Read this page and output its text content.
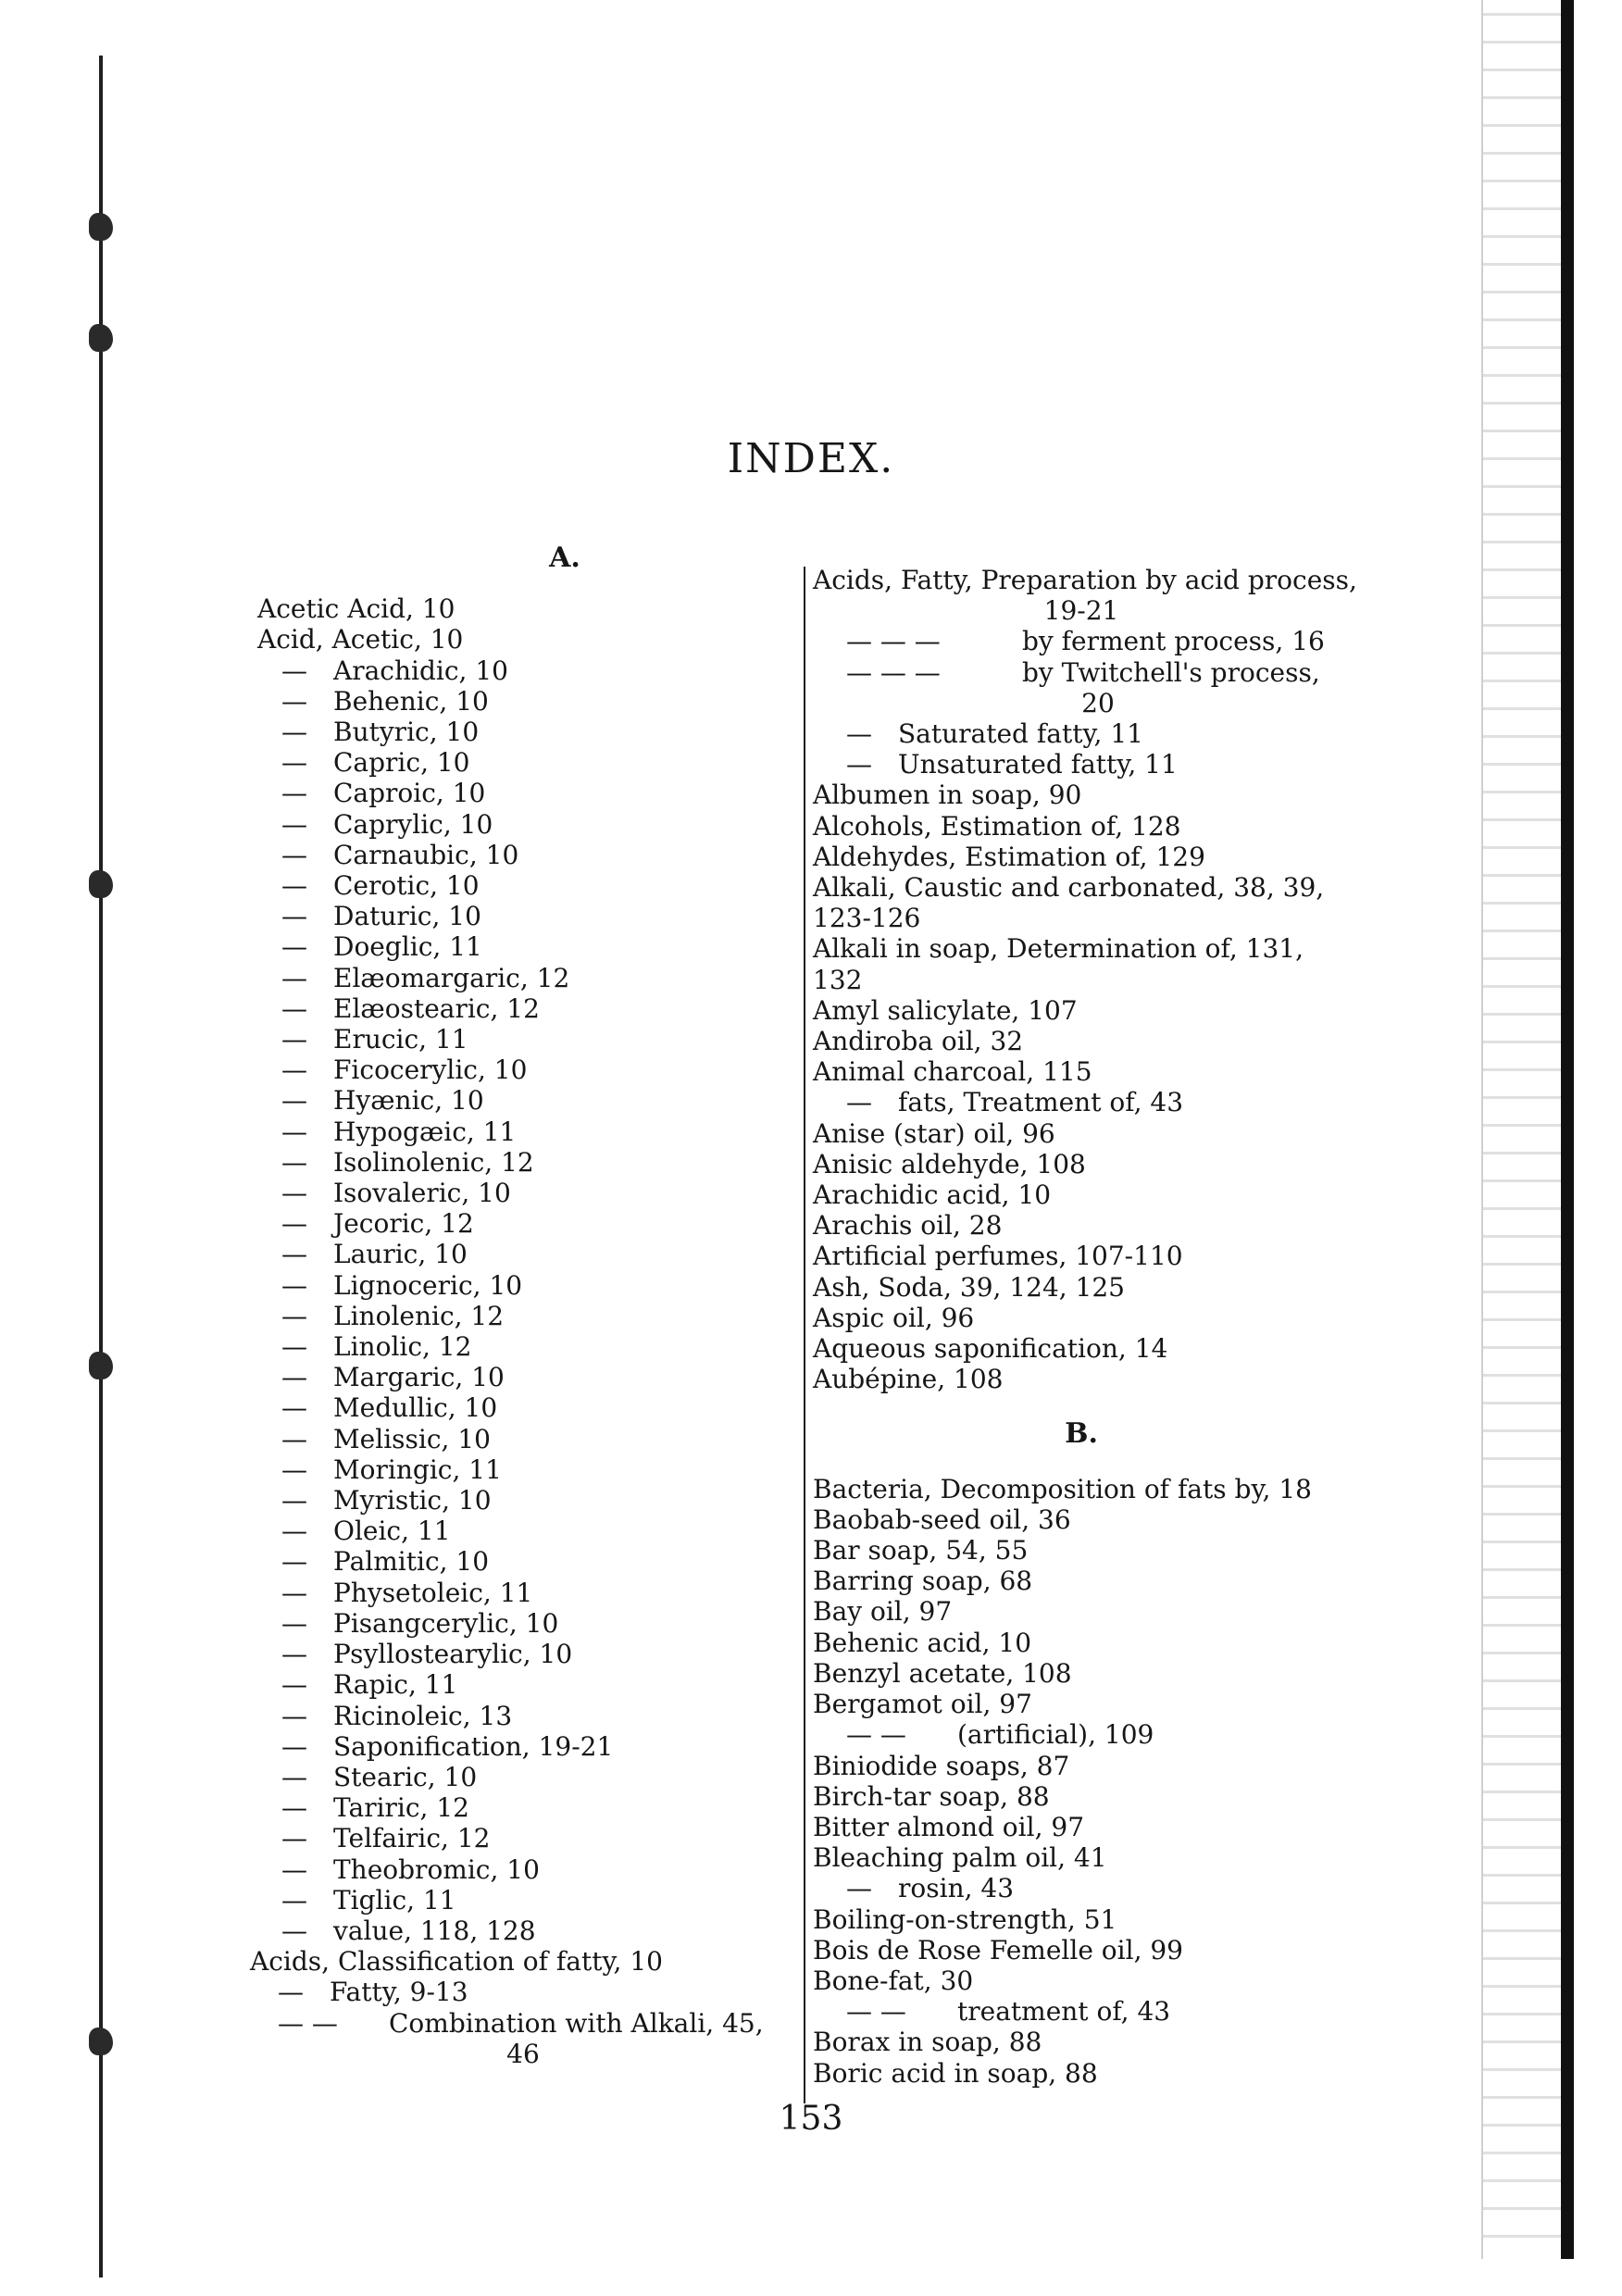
INDEX.
A.
Acetic Acid, 10
Acid, Acetic, 10
— Arachidic, 10
— Behenic, 10
— Butyric, 10
— Capric, 10
— Caproic, 10
— Caprylic, 10
— Carnaubic, 10
— Cerotic, 10
— Daturic, 10
— Doeglic, 11
— Elæomargaric, 12
— Elæostearic, 12
— Erucic, 11
— Ficocerylic, 10
— Hyænic, 10
— Hypogæic, 11
— Isolinolenic, 12
— Isovaleric, 10
— Jecoric, 12
— Lauric, 10
— Lignoceric, 10
— Linolenic, 12
— Linolic, 12
— Margaric, 10
— Medullic, 10
— Melissic, 10
— Moringic, 11
— Myristic, 10
— Oleic, 11
— Palmitic, 10
— Physetoleic, 11
— Pisangcerylic, 10
— Psyllostearylic, 10
— Rapic, 11
— Ricinoleic, 13
— Saponification, 19-21
— Stearic, 10
— Tariric, 12
— Telfairic, 12
— Theobromic, 10
— Tiglic, 11
— value, 118, 128
Acids, Classification of fatty, 10
— Fatty, 9-13
— — Combination with Alkali, 45,
46
Acids, Fatty, Preparation by acid process,
19-21
— — —	by ferment process, 16
— — —	by Twitchell's process,
20
— Saturated fatty, 11
— Unsaturated fatty, 11
Albumen in soap, 90
Alcohols, Estimation of, 128
Aldehydes, Estimation of, 129
Alkali, Caustic and carbonated, 38, 39,
123-126
Alkali in soap, Determination of, 131,
132
Amyl salicylate, 107
Andiroba oil, 32
Animal charcoal, 115
— fats, Treatment of, 43
Anise (star) oil, 96
Anisic aldehyde, 108
Arachidic acid, 10
Arachis oil, 28
Artificial perfumes, 107-110
Ash, Soda, 39, 124, 125
Aspic oil, 96
Aqueous saponification, 14
Aubépine, 108
B.
Bacteria, Decomposition of fats by, 18
Baobab-seed oil, 36
Bar soap, 54, 55
Barring soap, 68
Bay oil, 97
Behenic acid, 10
Benzyl acetate, 108
Bergamot oil, 97
— — (artificial), 109
Biniodide soaps, 87
Birch-tar soap, 88
Bitter almond oil, 97
Bleaching palm oil, 41
— rosin, 43
Boiling-on-strength, 51
Bois de Rose Femelle oil, 99
Bone-fat, 30
— — treatment of, 43
Borax in soap, 88
Boric acid in soap, 88
153
